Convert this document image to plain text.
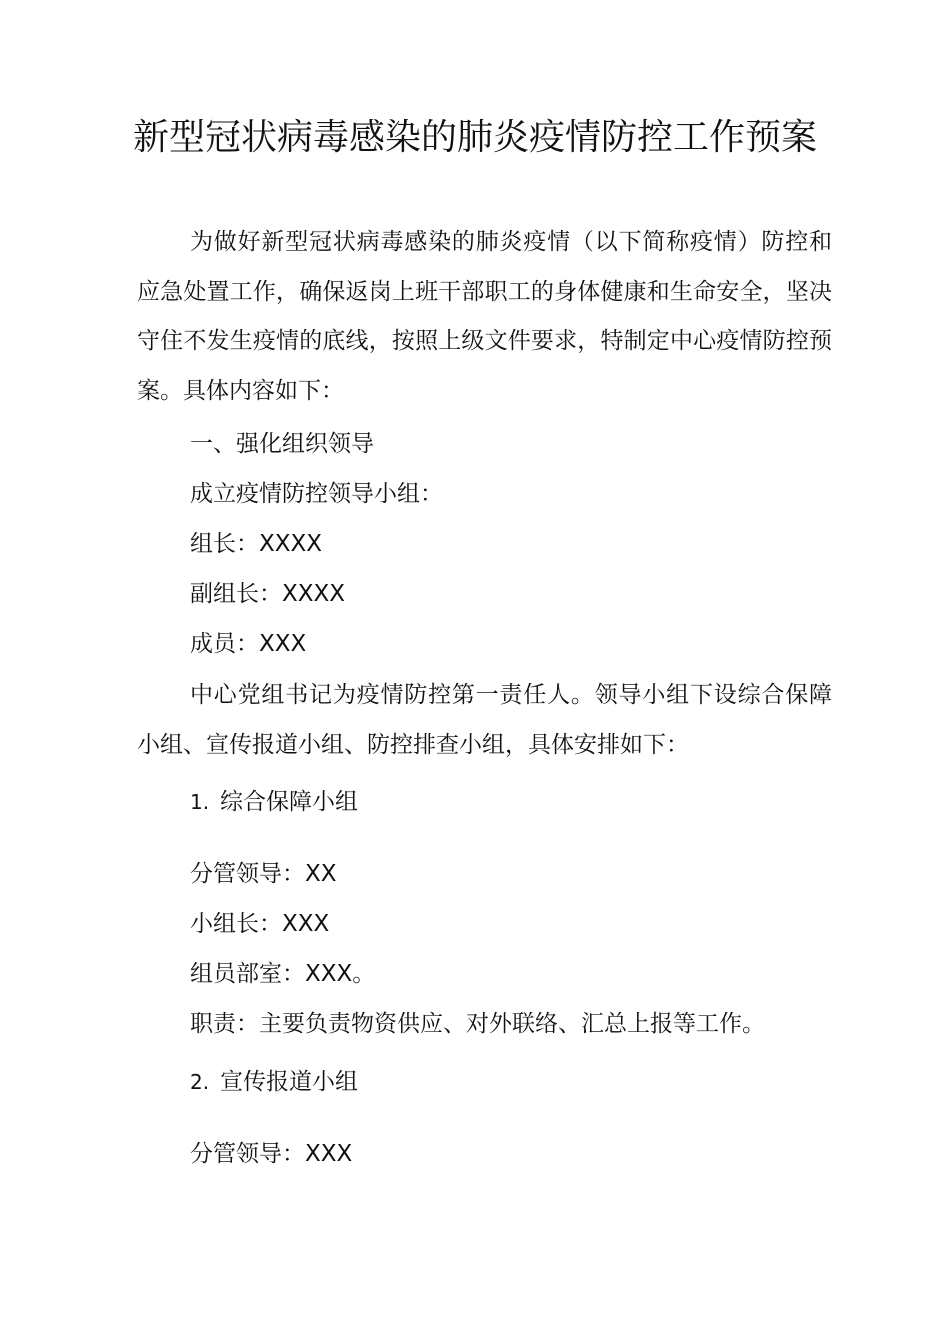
新型冠状病毒感染的肺炎疫情防控工作预案
为做好新型冠状病毒感染的肺炎疫情（以下简称疫情）防控和应急处置工作，确保返岗上班干部职工的身体健康和生命安全，坚决守住不发生疫情的底线，按照上级文件要求，特制定中心疫情防控预案。具体内容如下：
一、强化组织领导
成立疫情防控领导小组：
组长：XXXX
副组长：XXXX
成员：XXX
中心党组书记为疫情防控第一责任人。领导小组下设综合保障小组、宣传报道小组、防控排查小组，具体安排如下：
1. 综合保障小组
分管领导：XX
小组长：XXX
组员部室：XXX。
职责：主要负责物资供应、对外联络、汇总上报等工作。
2. 宣传报道小组
分管领导：XXX
